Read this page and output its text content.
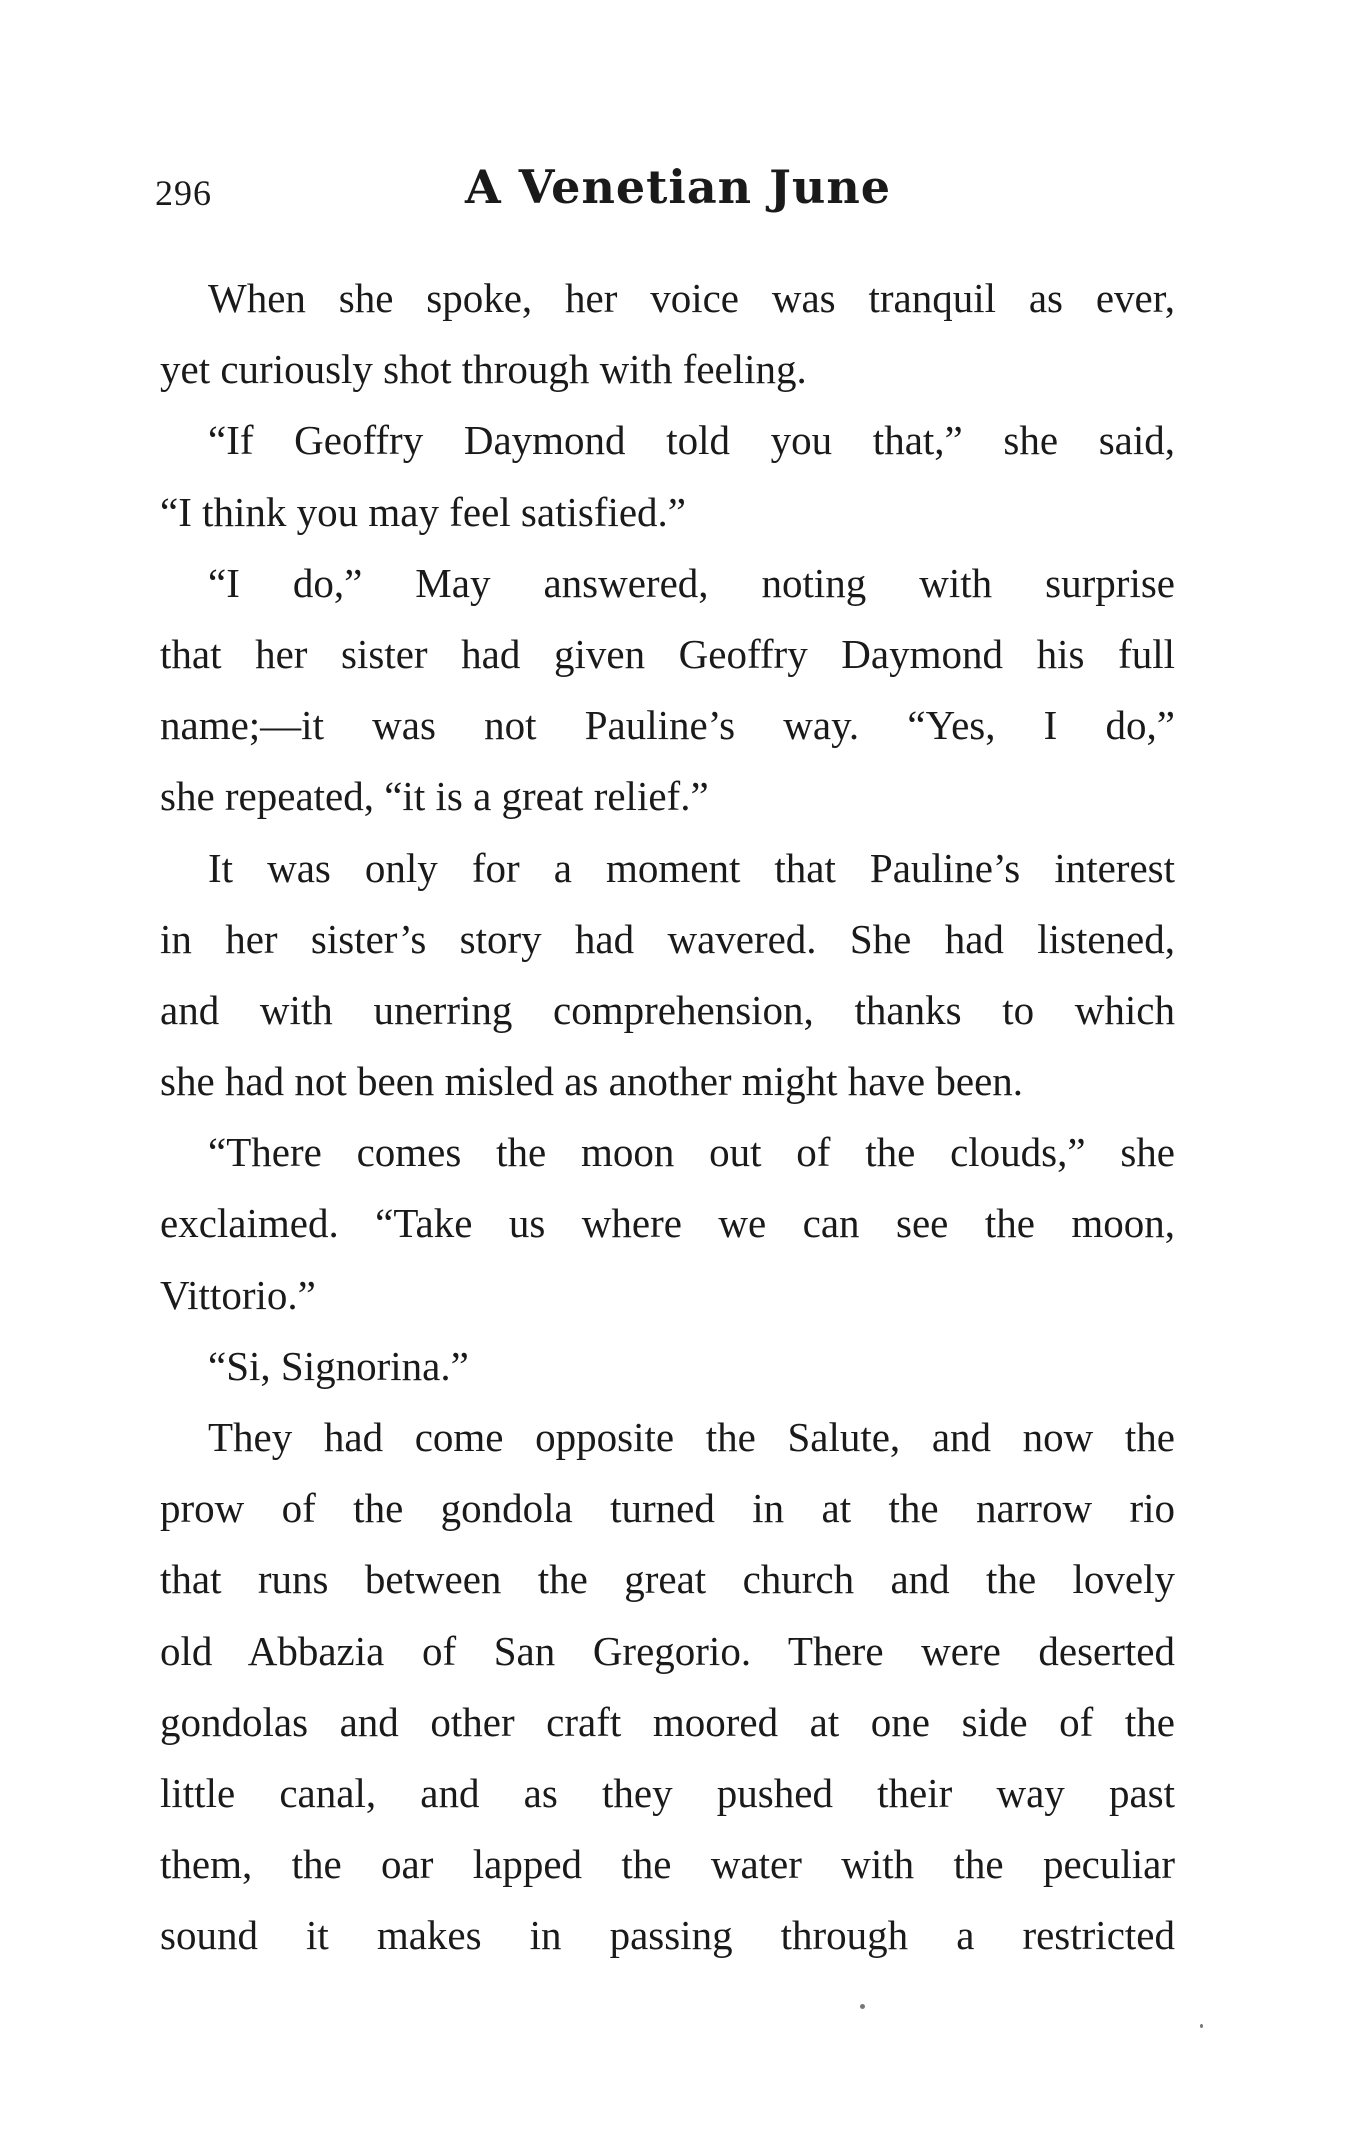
296	A Venetian June
When she spoke, her voice was tranquil as ever,
yet curiously shot through with feeling.
“If Geoffry Daymond told you that,” she said,
“I think you may feel satisfied.”
“I do,” May answered, noting with surprise
that her sister had given Geoffry Daymond his full
name;—it was not Pauline’s way. “Yes, I do,”
she repeated, “it is a great relief.”
It was only for a moment that Pauline’s interest
in her sister’s story had wavered. She had listened,
and with unerring comprehension, thanks to which
she had not been misled as another might have been.
“There comes the moon out of the clouds,” she
exclaimed. “Take us where we can see the moon,
Vittorio.”
“Si, Signorina.”
They had come opposite the Salute, and now the
prow of the gondola turned in at the narrow rio
that runs between the great church and the lovely
old Abbazia of San Gregorio. There were deserted
gondolas and other craft moored at one side of the
little canal, and as they pushed their way past
them, the oar lapped the water with the peculiar
sound it makes in passing through a restricted
